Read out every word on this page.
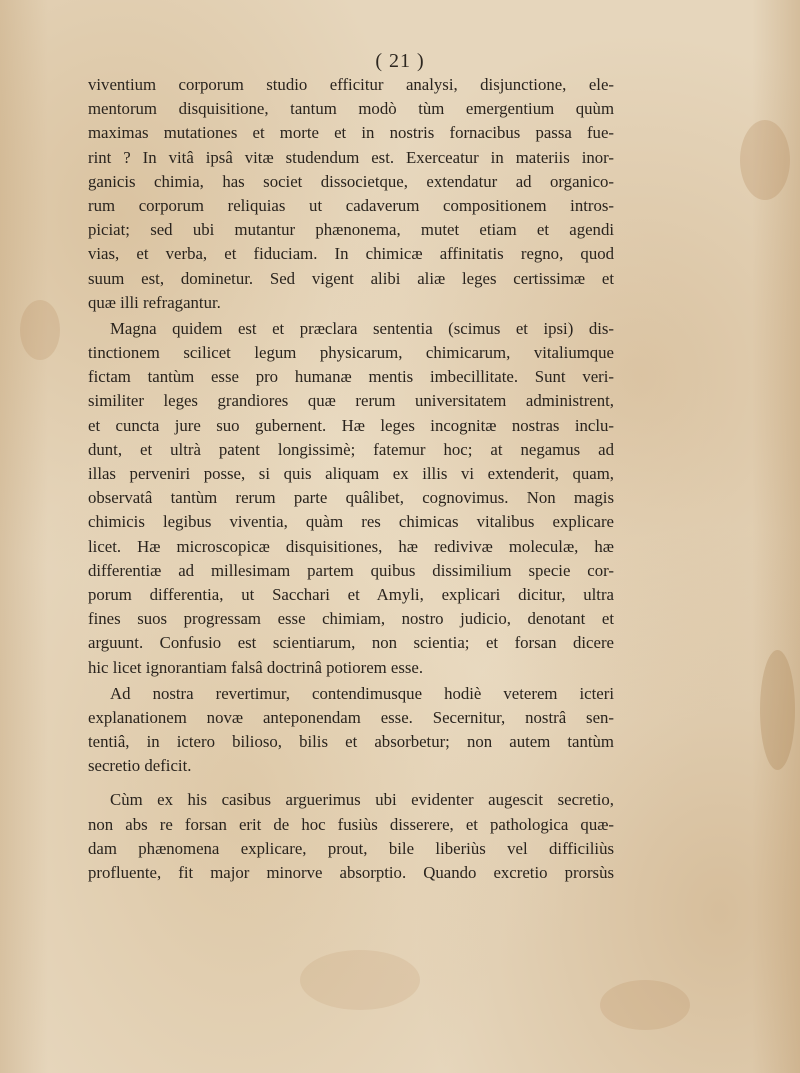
( 21 )
viventium corporum studio efficitur analysi, disjunctione, ele-
mentorum disquisitione, tantum modò tùm emergentium quùm
maximas mutationes et morte et in nostris fornacibus passa fue-
rint ? In vitâ ipsâ vitæ studendum est. Exerceatur in materiis inor-
ganicis chimia, has societ dissocietque, extendatur ad organico-
rum corporum reliquias ut cadaverum compositionem intros-
piciat; sed ubi mutantur phænonema, mutet etiam et agendi
vias, et verba, et fiduciam. In chimicæ affinitatis regno, quod
suum est, dominetur. Sed vigent alibi aliæ leges certissimæ et
quæ illi refragantur.
Magna quidem est et præclara sententia (scimus et ipsi) dis-
tinctionem scilicet legum physicarum, chimicarum, vitaliumque
fictam tantùm esse pro humanæ mentis imbecillitate. Sunt veri-
similiter leges grandiores quæ rerum universitatem administrent,
et cuncta jure suo gubernent. Hæ leges incognitæ nostras inclu-
dunt, et ultrà patent longissimè; fatemur hoc; at negamus ad
illas perveniri posse, si quis aliquam ex illis vi extenderit, quam,
observatâ tantùm rerum parte quâlibet, cognovimus. Non magis
chimicis legibus viventia, quàm res chimicas vitalibus explicare
licet. Hæ microscopicæ disquisitiones, hæ redivivæ moleculæ, hæ
differentiæ ad millesimam partem quibus dissimilium specie cor-
porum differentia, ut Sacchari et Amyli, explicari dicitur, ultra
fines suos progressam esse chimiam, nostro judicio, denotant et
arguunt. Confusio est scientiarum, non scientia; et forsan dicere
hic licet ignorantiam falsâ doctrinâ potiorem esse.
Ad nostra revertimur, contendimusque hodiè veterem icteri
explanationem novæ anteponendam esse. Secernitur, nostrâ sen-
tentiâ, in ictero bilioso, bilis et absorbetur; non autem tantùm
secretio deficit.
Cùm ex his casibus arguerimus ubi evidenter augescit secretio,
non abs re forsan erit de hoc fusiùs disserere, et pathologica quæ-
dam phænomena explicare, prout, bile liberiùs vel difficiliùs
profluente, fit major minorve absorptio. Quando excretio prorsùs
